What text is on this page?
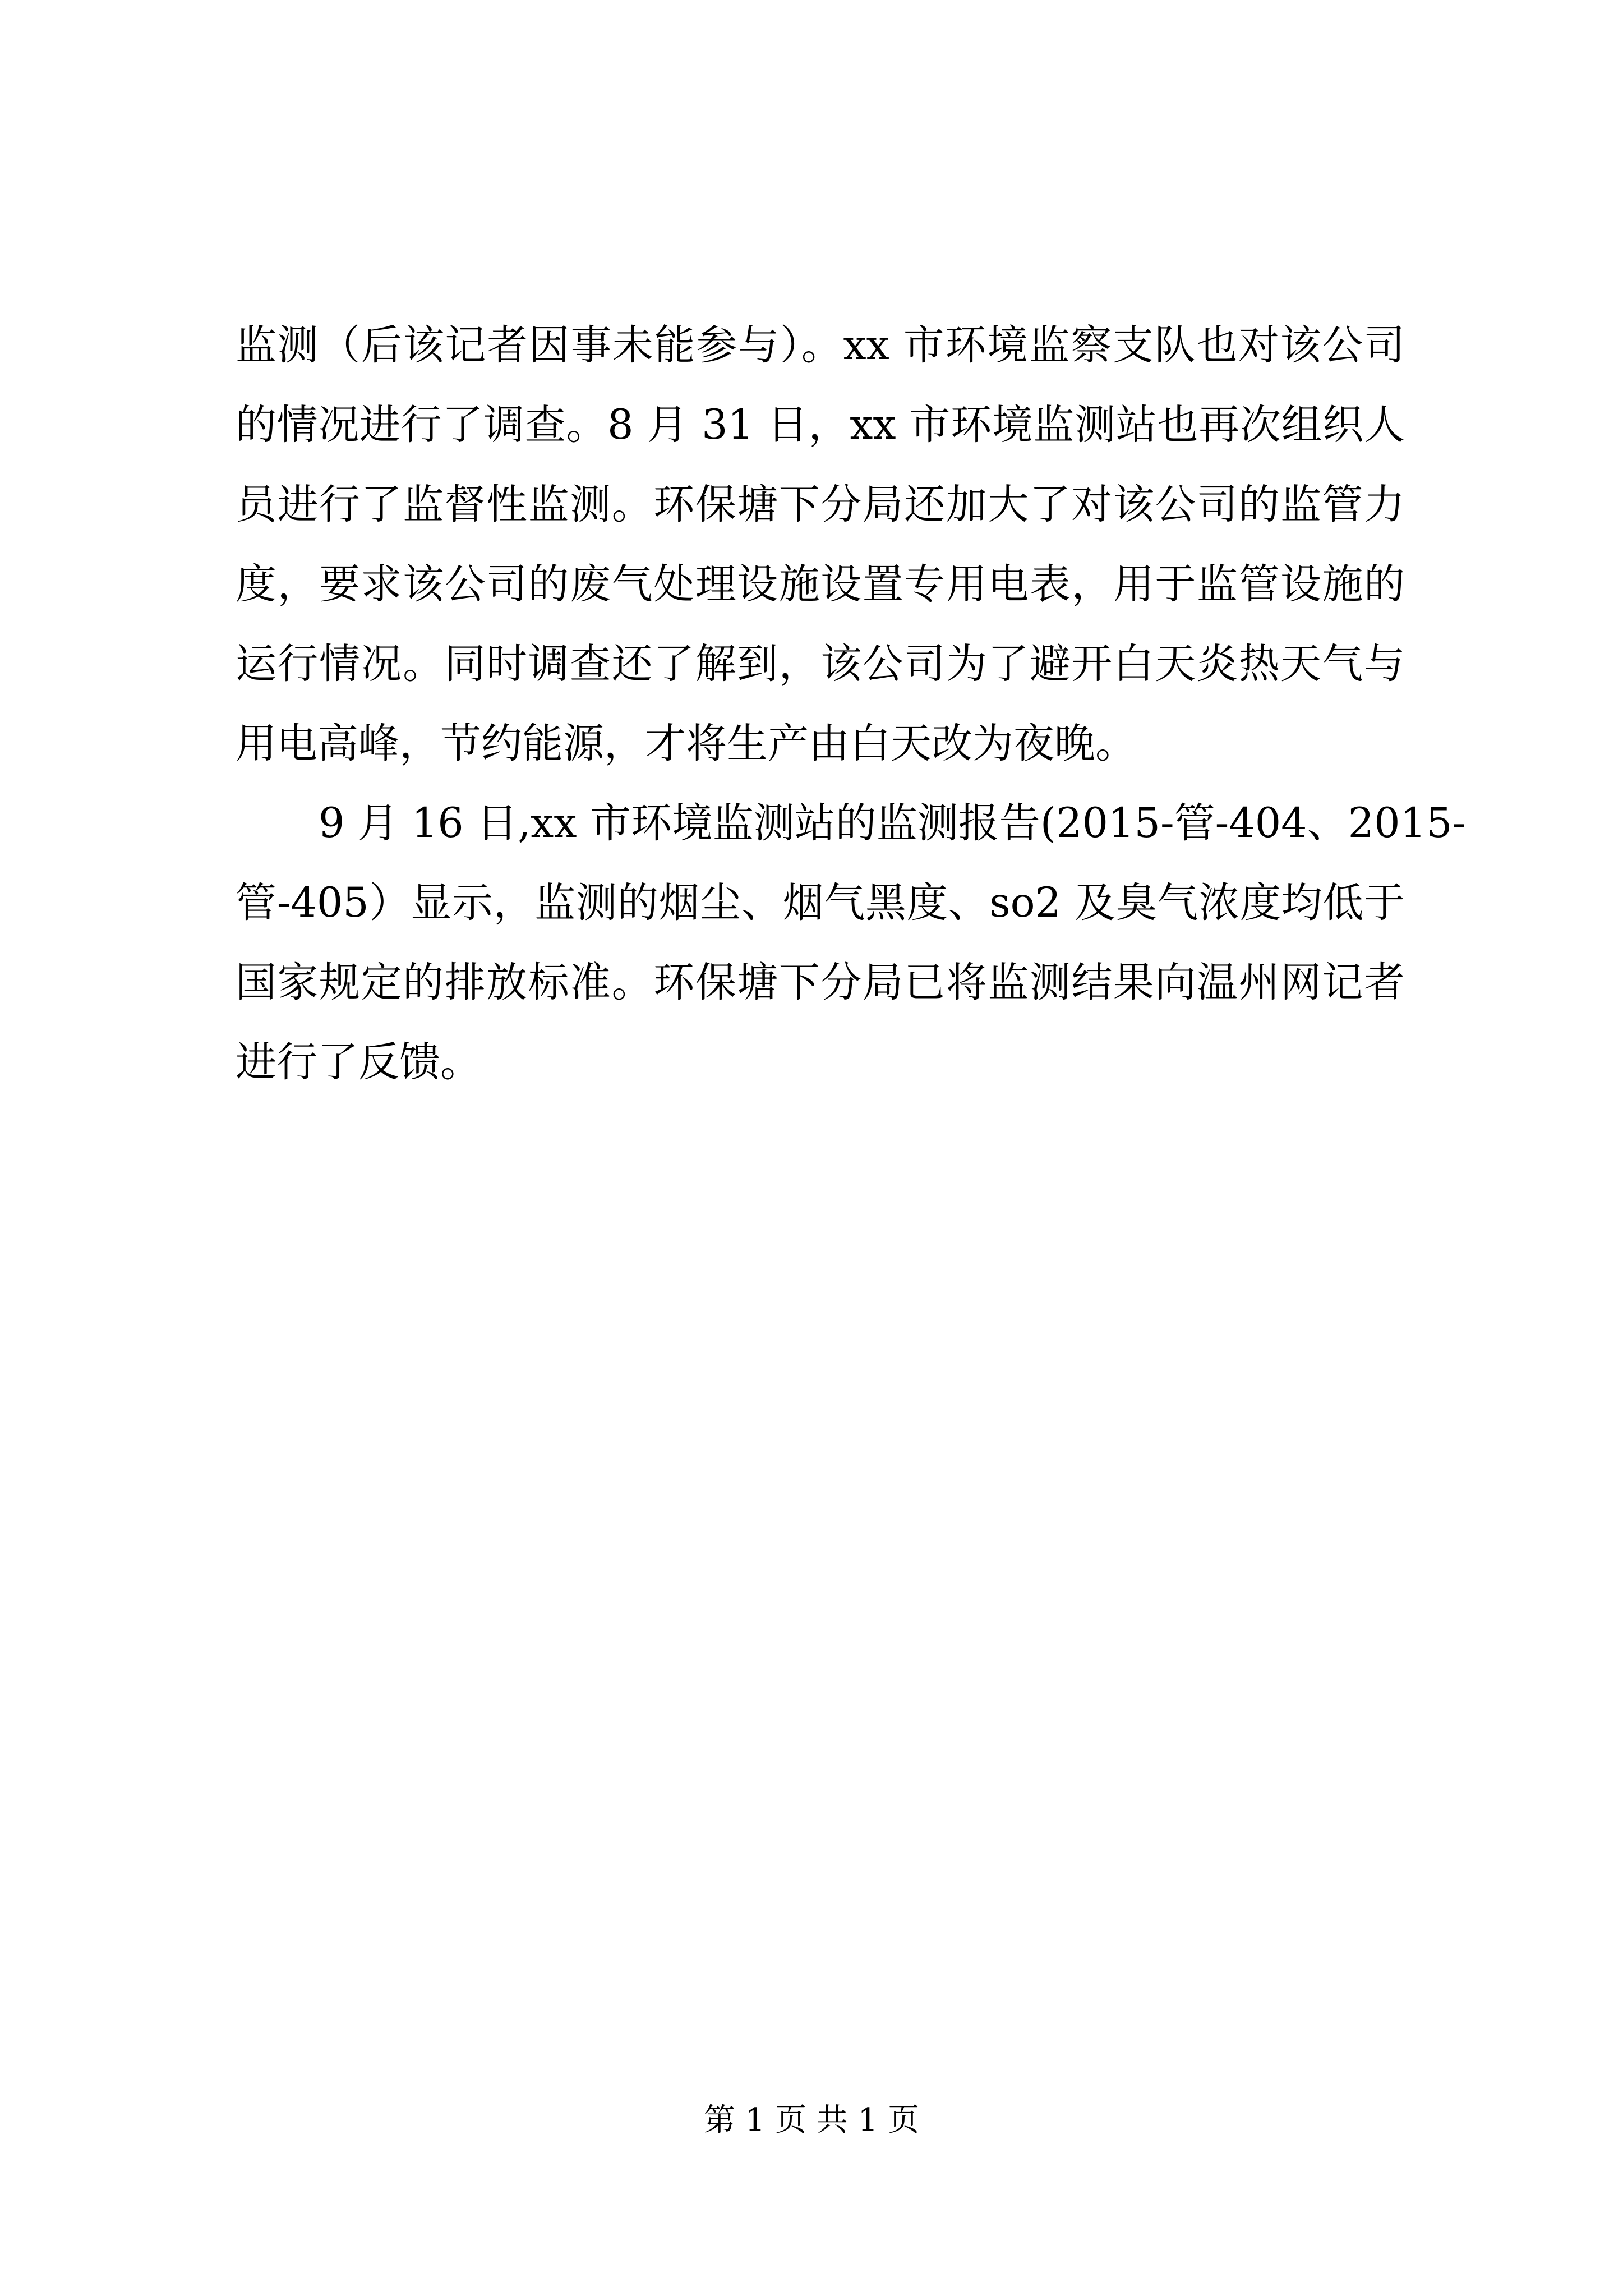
监测（后该记者因事未能参与）。xx 市环境监察支队也对该公司
的情况进行了调查。8 月 31 日，xx 市环境监测站也再次组织人
员进行了监督性监测。环保塘下分局还加大了对该公司的监管力
度，要求该公司的废气处理设施设置专用电表，用于监管设施的
运行情况。同时调查还了解到，该公司为了避开白天炎热天气与
用电高峰，节约能源，才将生产由白天改为夜晚。
9 月 16 日,xx 市环境监测站的监测报告(2015-管-404、2015-
管-405）显示，监测的烟尘、烟气黑度、so2 及臭气浓度均低于
国家规定的排放标准。环保塘下分局已将监测结果向温州网记者
进行了反馈。
第 1 页 共 1 页
